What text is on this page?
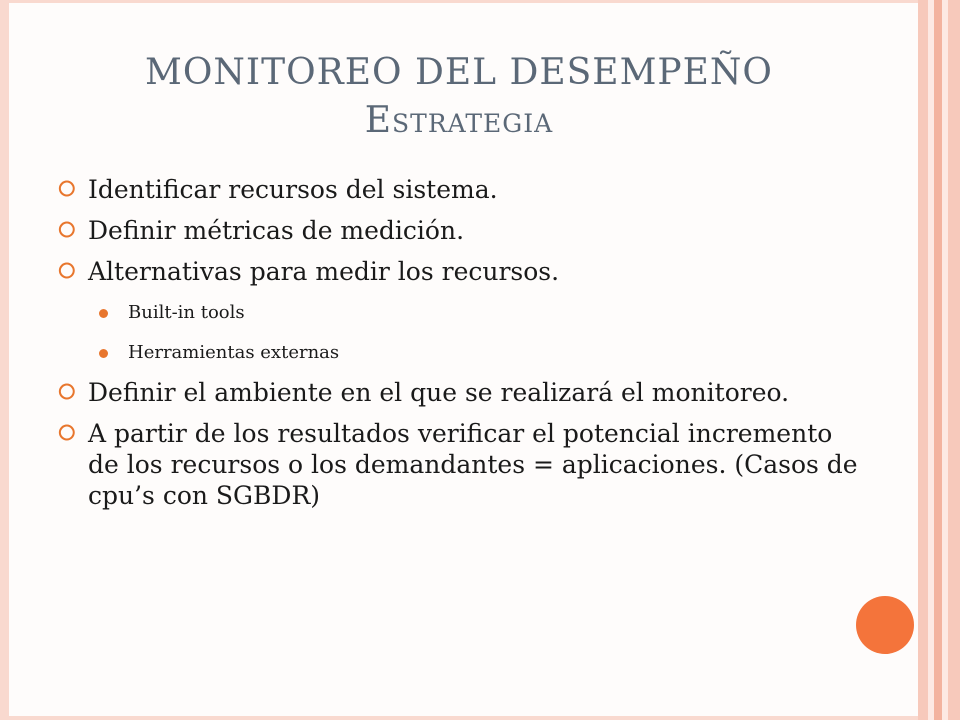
MONITOREO DEL DESEMPEÑO
Estrategia
⭘ Identificar recursos del sistema.
⭘ Definir métricas de medición.
⭘ Alternativas para medir los recursos.
Built-in tools
Herramientas externas
⭘ Definir el ambiente en el que se realizará el monitoreo.
⭘ A partir de los resultados verificar el potencial incremento de los recursos o los demandantes = aplicaciones. (Casos de cpu’s con SGBDR)
